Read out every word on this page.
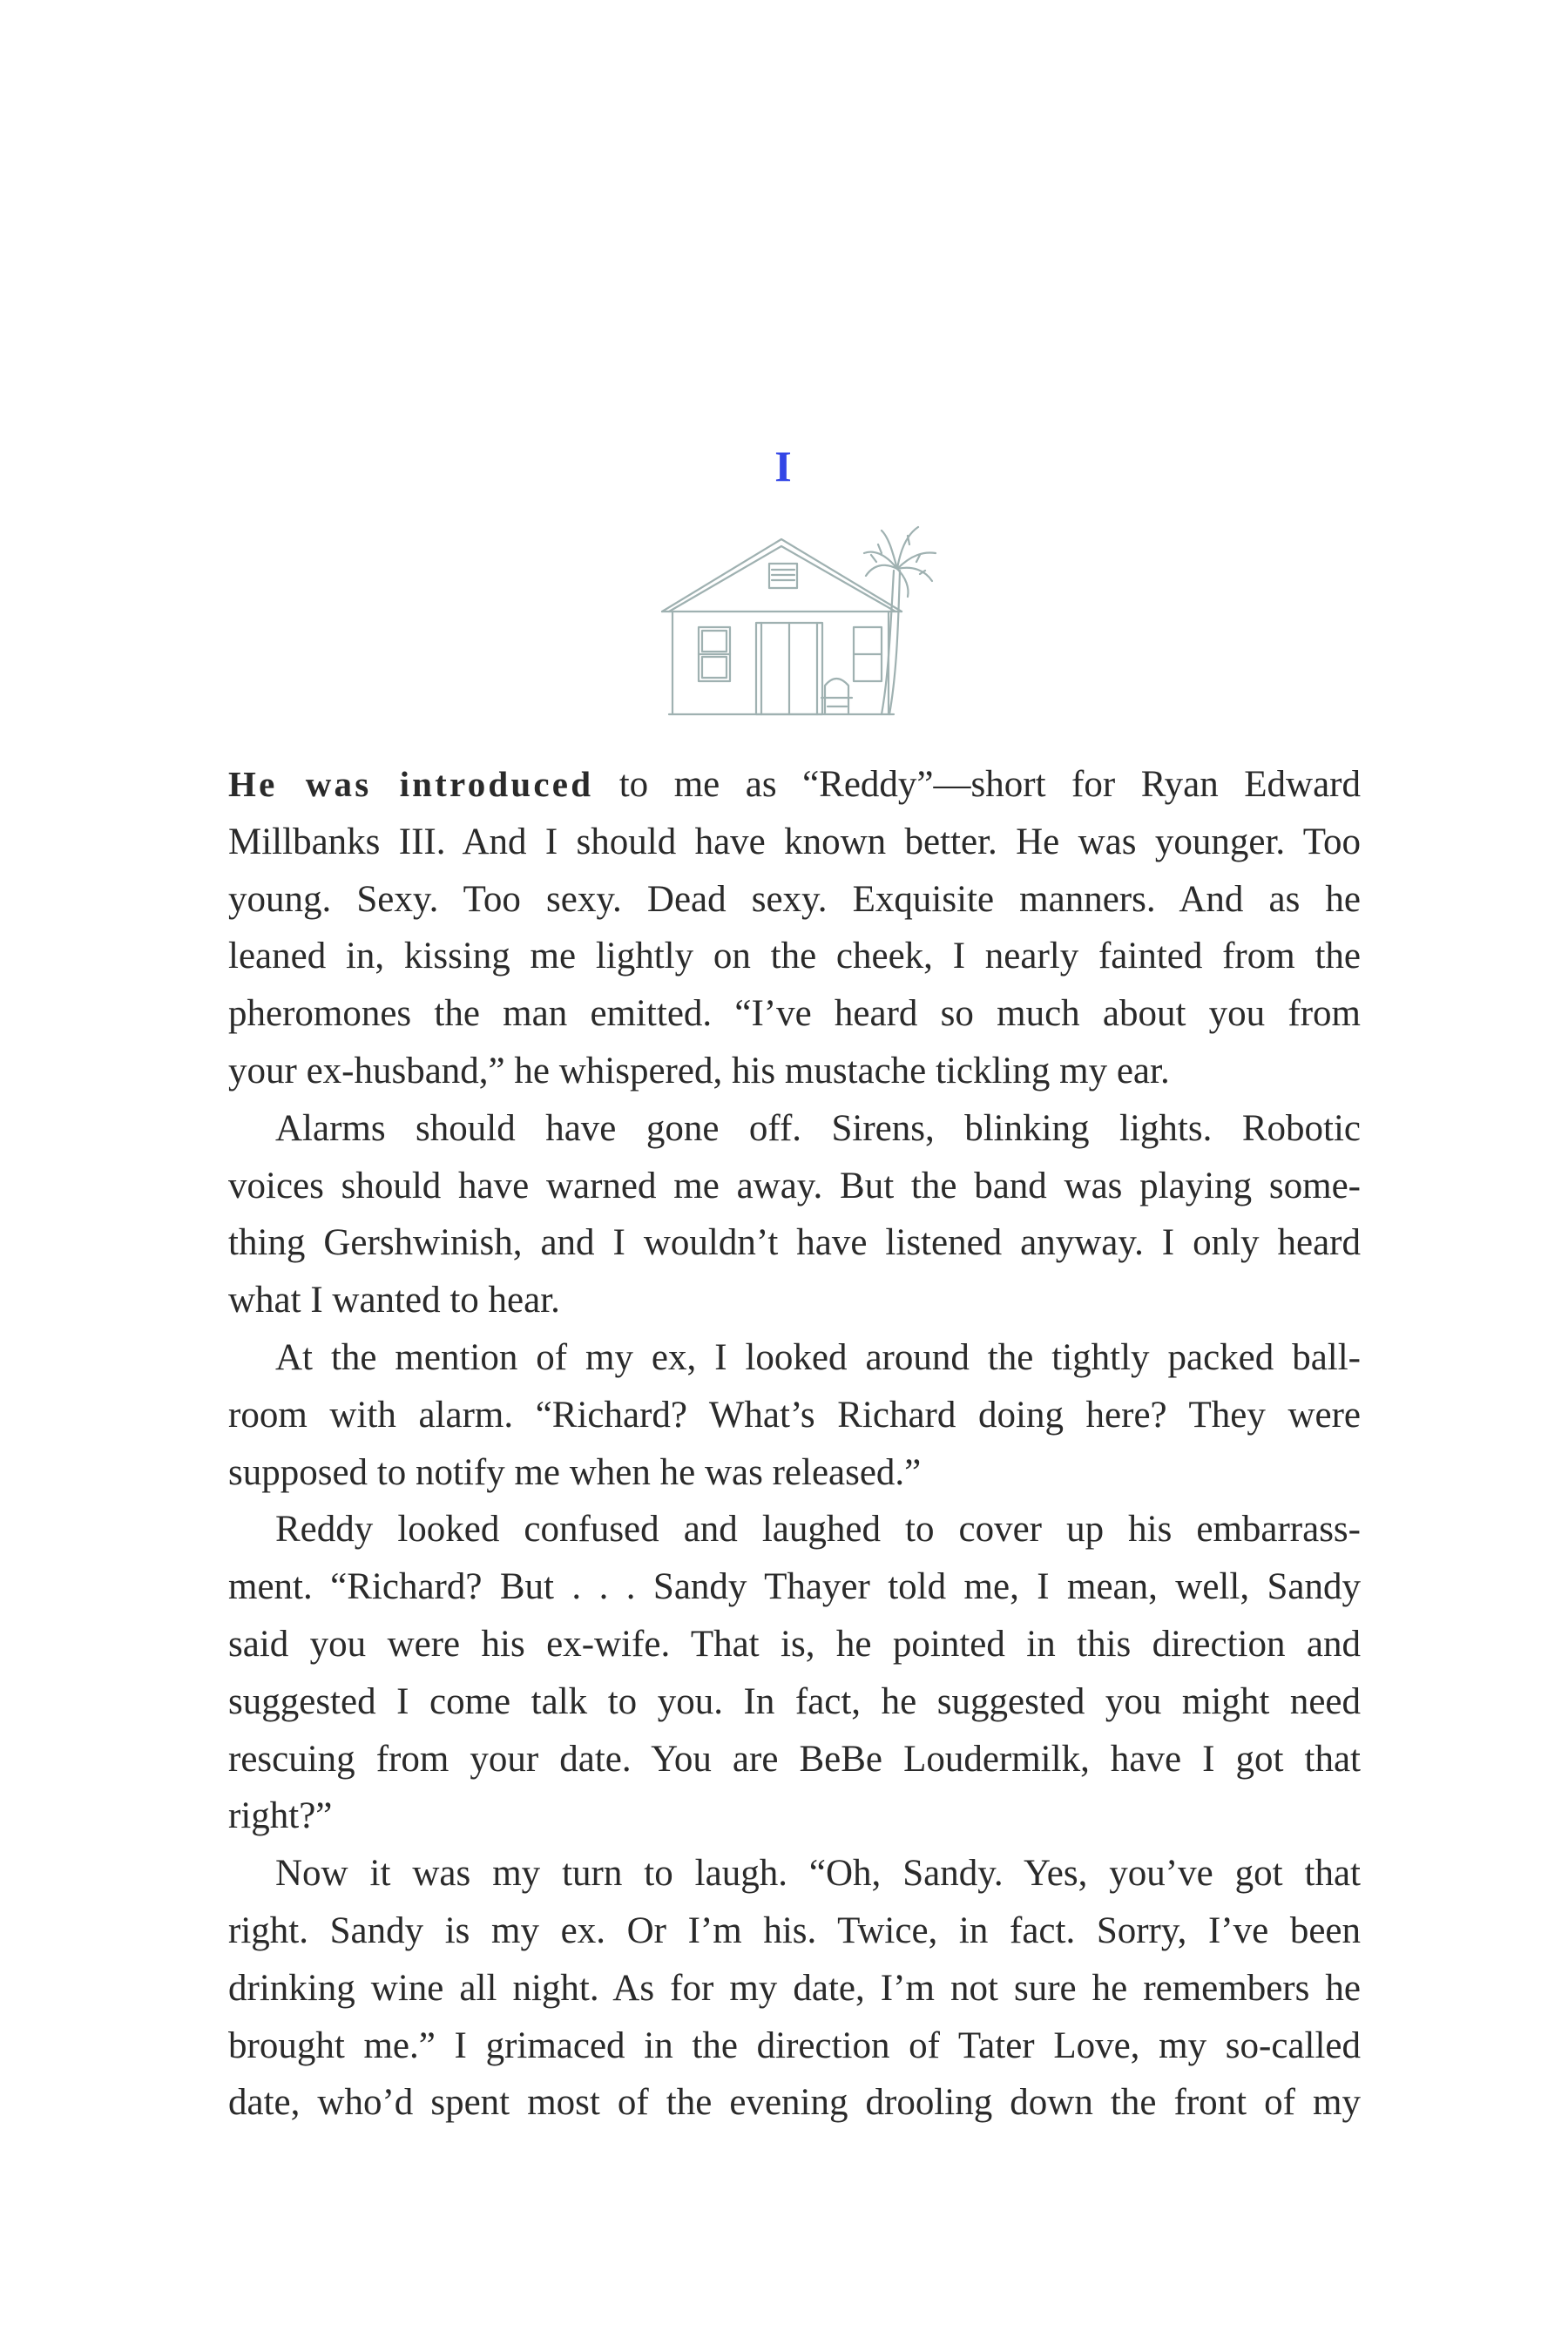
I
He was introduced to me as “Reddy”—short for Ryan Edward
Millbanks III. And I should have known better. He was younger. Too
young. Sexy. Too sexy. Dead sexy. Exquisite manners. And as he
leaned in, kissing me lightly on the cheek, I nearly fainted from the
pheromones the man emitted. “I’ve heard so much about you from
your ex-husband,” he whispered, his mustache tickling my ear.
Alarms should have gone off. Sirens, blinking lights. Robotic
voices should have warned me away. But the band was playing some-
thing Gershwinish, and I wouldn’t have listened anyway. I only heard
what I wanted to hear.
At the mention of my ex, I looked around the tightly packed ball-
room with alarm. “Richard? What’s Richard doing here? They were
supposed to notify me when he was released.”
Reddy looked confused and laughed to cover up his embarrass-
ment. “Richard? But . . . Sandy Thayer told me, I mean, well, Sandy
said you were his ex-wife. That is, he pointed in this direction and
suggested I come talk to you. In fact, he suggested you might need
rescuing from your date. You are BeBe Loudermilk, have I got that
right?”
Now it was my turn to laugh. “Oh, Sandy. Yes, you’ve got that
right. Sandy is my ex. Or I’m his. Twice, in fact. Sorry, I’ve been
drinking wine all night. As for my date, I’m not sure he remembers he
brought me.” I grimaced in the direction of Tater Love, my so-called
date, who’d spent most of the evening drooling down the front of my
